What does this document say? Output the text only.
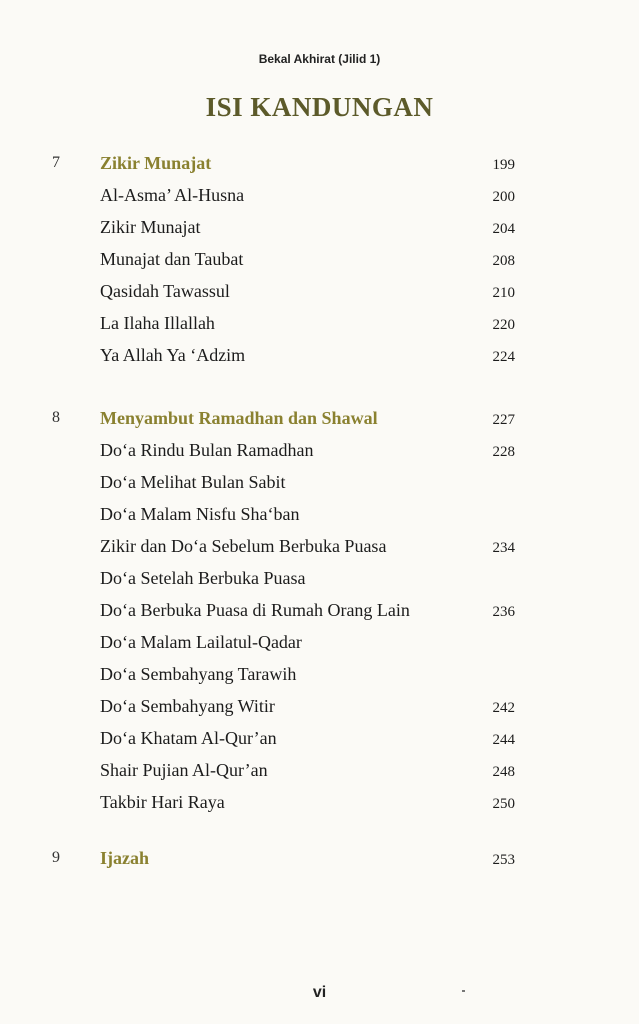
Bekal Akhirat (Jilid 1)
ISI KANDUNGAN
7 Zikir Munajat	199
Al-Asma’ Al-Husna	200
Zikir Munajat	204
Munajat dan Taubat	208
Qasidah Tawassul	210
La Ilaha Illallah	220
Ya Allah Ya ‘Adzim	224
8 Menyambut Ramadhan dan Shawal	227
Do‘a Rindu Bulan Ramadhan	228
Do‘a Melihat Bulan Sabit
Do‘a Malam Nisfu Sha‘ban
Zikir dan Do‘a Sebelum Berbuka Puasa	234
Do‘a Setelah Berbuka Puasa
Do‘a Berbuka Puasa di Rumah Orang Lain	236
Do‘a Malam Lailatul-Qadar
Do‘a Sembahyang Tarawih
Do‘a Sembahyang Witir	242
Do‘a Khatam Al-Qur’an	244
Shair Pujian Al-Qur’an	248
Takbir Hari Raya	250
9 Ijazah	253
vi
